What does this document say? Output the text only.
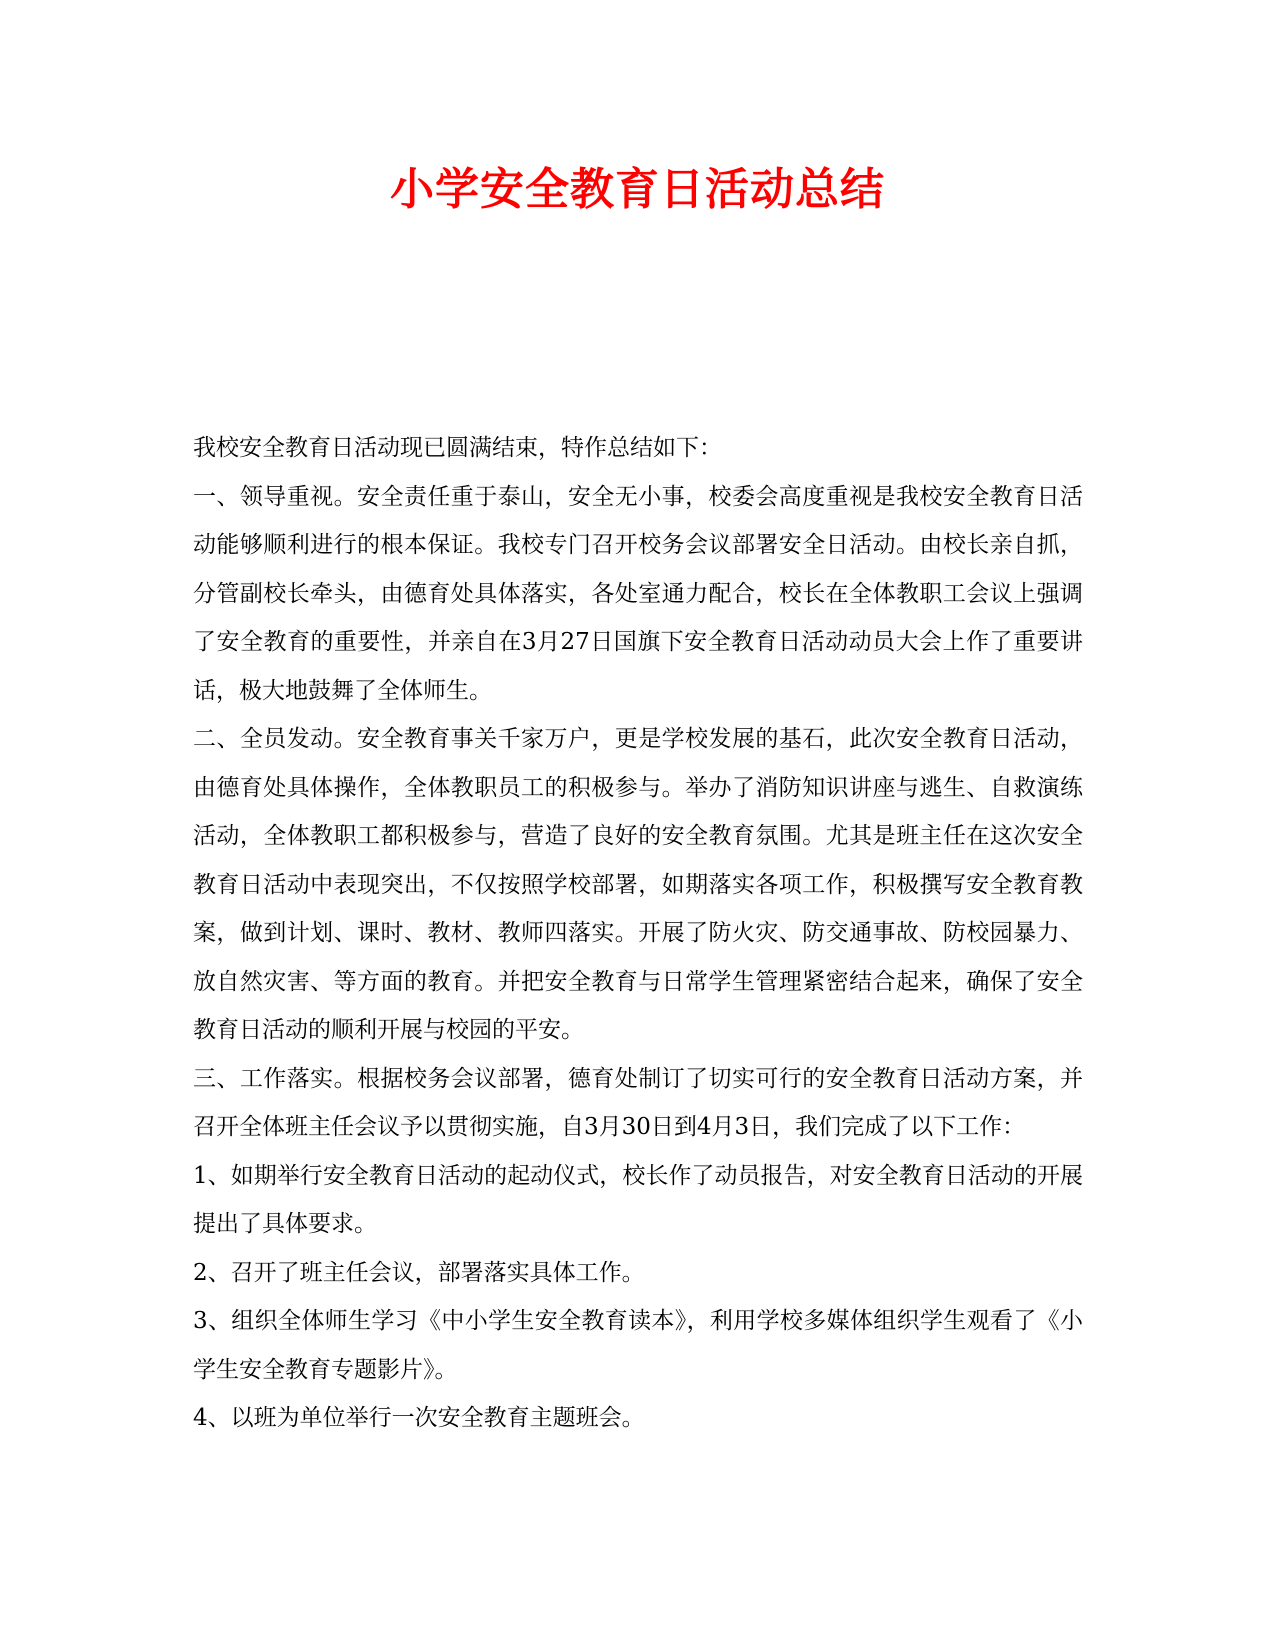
小学安全教育日活动总结

我校安全教育日活动现已圆满结束，特作总结如下：

一、领导重视。安全责任重于泰山，安全无小事，校委会高度重视是我校安全教育日活动能够顺利进行的根本保证。我校专门召开校务会议部署安全日活动。由校长亲自抓，分管副校长牵头，由德育处具体落实，各处室通力配合，校长在全体教职工会议上强调了安全教育的重要性，并亲自在3月27日国旗下安全教育日活动动员大会上作了重要讲话，极大地鼓舞了全体师生。

二、全员发动。安全教育事关千家万户，更是学校发展的基石，此次安全教育日活动，由德育处具体操作，全体教职员工的积极参与。举办了消防知识讲座与逃生、自救演练活动，全体教职工都积极参与，营造了良好的安全教育氛围。尤其是班主任在这次安全教育日活动中表现突出，不仅按照学校部署，如期落实各项工作，积极撰写安全教育教案，做到计划、课时、教材、教师四落实。开展了防火灾、防交通事故、防校园暴力、放自然灾害、等方面的教育。并把安全教育与日常学生管理紧密结合起来，确保了安全教育日活动的顺利开展与校园的平安。

三、工作落实。根据校务会议部署，德育处制订了切实可行的安全教育日活动方案，并召开全体班主任会议予以贯彻实施，自3月30日到4月3日，我们完成了以下工作：

1、如期举行安全教育日活动的起动仪式，校长作了动员报告，对安全教育日活动的开展提出了具体要求。

2、召开了班主任会议，部署落实具体工作。

3、组织全体师生学习《中小学生安全教育读本》，利用学校多媒体组织学生观看了《小学生安全教育专题影片》。

4、以班为单位举行一次安全教育主题班会。
